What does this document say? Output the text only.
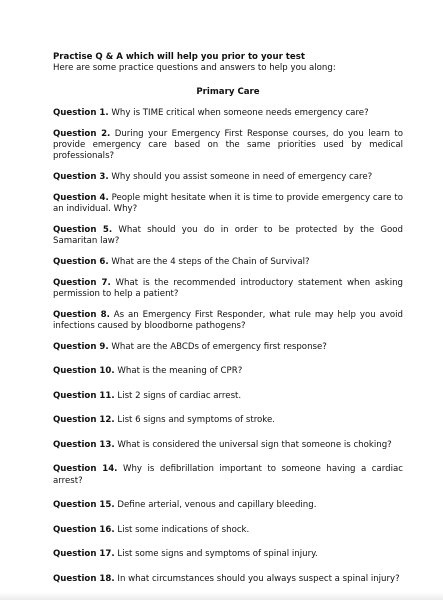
Practise Q & A which will help you prior to your test

Here are some practice questions and answers to help you along:

Primary Care

Question 1. Why is TIME critical when someone needs emergency care?

Question 2. During your Emergency First Response courses, do you learn to provide emergency care based on the same priorities used by medical professionals?

Question 3. Why should you assist someone in need of emergency care?

Question 4. People might hesitate when it is time to provide emergency care to an individual. Why?

Question 5. What should you do in order to be protected by the Good Samaritan law?

Question 6. What are the 4 steps of the Chain of Survival?

Question 7. What is the recommended introductory statement when asking permission to help a patient?

Question 8. As an Emergency First Responder, what rule may help you avoid infections caused by bloodborne pathogens?

Question 9. What are the ABCDs of emergency first response?

Question 10. What is the meaning of CPR?

Question 11. List 2 signs of cardiac arrest.

Question 12. List 6 signs and symptoms of stroke.

Question 13. What is considered the universal sign that someone is choking?

Question 14. Why is defibrillation important to someone having a cardiac arrest?

Question 15. Define arterial, venous and capillary bleeding.

Question 16. List some indications of shock.

Question 17. List some signs and symptoms of spinal injury.

Question 18. In what circumstances should you always suspect a spinal injury?
